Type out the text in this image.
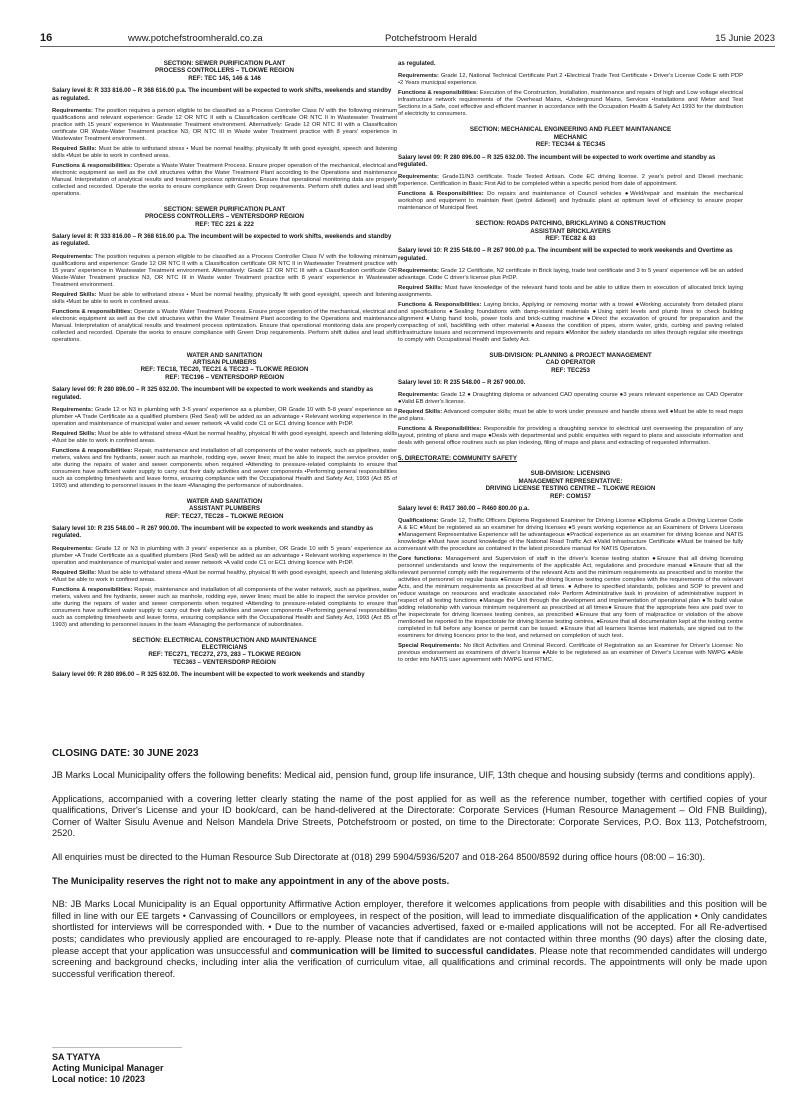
16	www.potchefstroomherald.co.za	Potchefstroom Herald	15 Junie 2023
SECTION: SEWER PURIFICATION PLANT
PROCESS CONTROLLERS – TLOKWE REGION
REF: TEC 145, 146 & 146
Salary level 8: R 333 816.00 – R 368 616.00 p.a. The incumbent will be expected to work shifts, weekends and standby as regulated.
Requirements: The position requires a person eligible to be classified as a Process Controller Class IV with the following minimum qualifications and relevant experience: Grade 12 OR NTC II with a Classification certificate OR NTC II in Wastewater Treatment practice with 15 years' experience in Wastewater Treatment environment. Alternatively: Grade 12 OR NTC III with a Classification certificate OR Waste-Water Treatment practice N3, OR NTC III in Waste water Treatment practice with 8 years' experience in Wastewater Treatment environment.
Required Skills: Must be able to withstand stress • Must be normal healthy, physically fit with good eyesight, speech and listening skills •Must be able to work in confined areas.
Functions & responsibilities: Operate a Waste Water Treatment Process. Ensure proper operation of the mechanical, electrical and electronic equipment as well as the civil structures within the Water Treatment Plant according to the Operations and maintenance Manual. Interpretation of analytical results and treatment process optimization. Ensure that operational monitoring data are properly collected and recorded. Operate the works to ensure compliance with Green Drop requirements. Perform shift duties and lead shift operations.
SECTION: SEWER PURIFICATION PLANT
PROCESS CONTROLLERS – VENTERSDORP REGION
REF: TEC 221 & 222
Salary level 8: R 333 816.00 – R 368 616.00 p.a. The incumbent will be expected to work shifts, weekends and standby as regulated.
Requirements: The position requires a person eligible to be classified as a Process Controller Class IV with the following minimum qualifications and experience: Grade 12 OR NTC II with a Classification certificate OR NTC II in Wastewater Treatment practice with 15 years' experience in Wastewater Treatment environment. Alternatively: Grade 12 OR NTC III with a Classification certificate OR Waste-Water Treatment practice N3, OR NTC III in Waste water Treatment practice with 8 years' experience in Wastewater Treatment environment.
Required Skills: Must be able to withstand stress • Must be normal healthy, physically fit with good eyesight, speech and listening skills •Must be able to work in confined areas.
Functions & responsibilities: Operate a Waste Water Treatment Process. Ensure proper operation of the mechanical, electrical and electronic equipment as well as the civil structures within the Water Treatment Plant according to the Operations and maintenance Manual. Interpretation of analytical results and treatment process optimization. Ensure that operational monitoring data are properly collected and recorded. Operate the works to ensure compliance with Green Drop requirements. Perform shift duties and lead shift operations.
WATER AND SANITATION
ARTISAN PLUMBERS
REF: TEC18, TEC20, TEC21 & TEC23 – TLOKWE REGION
REF: TEC196 – VENTERSDORP REGION
Salary level 09: R 280 896.00 – R 325 632.00. The incumbent will be expected to work weekends and standby as regulated.
Requirements: Grade 12 or N3 in plumbing with 3-5 years' experience as a plumber, OR Grade 10 with 5-8 years' experience as a plumber •A Trade Certificate as a qualified plumbers (Red Seal) will be added as an advantage • Relevant working experience in the operation and maintenance of municipal water and sewer network •A valid code C1 or EC1 driving licence with PrDP.
Required Skills: Must be able to withstand stress •Must be normal healthy, physical fit with good eyesight, speech and listening skills •Must be able to work in confined areas.
Functions & responsibilities: Repair, maintenance and installation of all components of the water network, such as pipelines, water meters, valves and fire hydrants, sewer such as manhole, rodding eye, sewer lines; must be able to inspect the service provider on site during the repairs of water and sewer components when required •Attending to pressure-related complaints to ensure that consumers have sufficient water supply to carry out their daily activities and sewer components •Performing general responsibilities such as completing timesheets and leave forms, ensuring compliance with the Occupational Health and Safety Act, 1993 (Act 85 of 1993) and attending to personnel issues in the team •Managing the performance of subordinates.
WATER AND SANITATION
ASSISTANT PLUMBERS
REF: TEC27, TEC28 – TLOKWE REGION
Salary level 10: R 235 548.00 – R 267 900.00. The incumbent will be expected to work weekends and standby as regulated.
Requirements: Grade 12 or N3 in plumbing with 3 years' experience as a plumber, OR Grade 10 with 5 years' experience as a plumber •A Trade Certificate as a qualified plumbers (Red Seal) will be added as an advantage • Relevant working experience in the operation and maintenance of municipal water and sewer network •A valid code C1 or EC1 driving licence with PrDP.
Required Skills: Must be able to withstand stress •Must be normal healthy, physical fit with good eyesight, speech and listening skills •Must be able to work in confined areas.
Functions & responsibilities: Repair, maintenance and installation of all components of the water network, such as pipelines, water meters, valves and fire hydrants, sewer such as manhole, rodding eye, sewer lines; must be able to inspect the service provider on site during the repairs of water and sewer components when required •Attending to pressure-related complaints to ensure that consumers have sufficient water supply to carry out their daily activities and sewer components •Performing general responsibilities such as completing timesheets and leave forms, ensuring compliance with the Occupational Health and Safety Act, 1993 (Act 85 of 1993) and attending to personnel issues in the team •Managing the performance of subordinates.
SECTION: ELECTRICAL CONSTRUCTION AND MAINTENANCE
ELECTRICIANS
REF: TEC271, TEC272, 273, 283 – TLOKWE REGION
TEC363 – VENTERSDORP REGION
Salary level 09: R 280 896.00 – R 325 632.00. The incumbent will be expected to work weekends and standby
as regulated.
Requirements: Grade 12, National Technical Certificate Part 2 •Electrical Trade Test Certificate • Driver's License Code E with PDP •2 Years municipal experience.
Functions & responsibilities: Execution of the Construction, Installation, maintenance and repairs of high and Low voltage electrical infrastructure network requirements of the Overhead Mains, •Underground Mains, Services •Installations and Meter and Test Sections in a Safe, cost effective and efficient manner in accordance with the Occupation Health & Safety Act 1993 for the distribution of electricity to consumers.
SECTION: MECHANICAL ENGINEERING AND FLEET MAINTANANCE
MECHANIC
REF: TEC344 & TEC345
Salary level 09: R 280 896.00 – R 325 632.00. The incumbent will be expected to work overtime and standby as regulated.
Requirements: Grade11/N3 certificate. Trade Tested Artisan. Code EC driving license. 2 year's petrol and Diesel mechanic experience. Certification in Basic First Aid to be completed within a specific period from date of appointment.
Functions & Responsibilities: Do repairs and maintenance of Council vehicles ●Weld/repair and maintain the mechanical workshop and equipment to maintain fleet (petrol &diesel) and hydraulic plant at optimum level of efficiency to ensure proper maintenance of Municipal fleet.
SECTION: ROADS PATCHING, BRICKLAYING & CONSTRUCTION
ASSISTANT BRICKLAYERS
REF: TEC82 & 83
Salary level 10: R 235 548.00 – R 267 900.00 p.a. The incumbent will be expected to work weekends and Overtime as regulated.
Requirements: Grade 12 Certificate, N2 certificate in Brick laying, trade test certificate and 3 to 5 years' experience will be an added advantage. Code C driver's license plus PrDP.
Required Skills: Must have knowledge of the relevant hand tools and be able to utilize them in execution of allocated brick laying assignments.
Functions & Responsibilities: Laying bricks, Applying or removing mortar with a trowel ●Working accurately from detailed plans and specifications ●Sealing foundations with damp-resistant materials ●Using spirit levels and plumb lines to check building alignment ●Using hand tools, power tools and brick-cutting machine ●Direct the excavation of ground for preparation and the compacting of soil, backfilling with other material ●Assess the condition of pipes, storm water, grids, curbing and paving related infrastructure issues and recommend improvements and repairs ●Monitor the safety standards on sites through regular site meetings to comply with Occupational Health and Safety Act.
SUB-DIVISION: PLANNING & PROJECT MANAGEMENT
CAD OPERATOR
REF: TEC253
Salary level 10: R 235 548.00 – R 267 900.00.
Requirements: Grade 12 ● Draughting diploma or advanced CAD operating course ●3 years relevant experience as CAD Operator ●Valid EB driver's license.
Required Skills: Advanced computer skills; must be able to work under pressure and handle stress well ●Must be able to read maps and plans.
Functions & Responsibilities: Responsible for providing a draughting service to electrical unit overseeing the preparation of any layout, printing of plans and maps ●Deals with departmental and public enquiries with regard to plans and associate information and deals with general office routines such as plan indexing, filing of maps and plans and extracting of requested information.
5. DIRECTORATE: COMMUNITY SAFETY
SUB-DIVISION: LICENSING
MANAGEMENT REPRESENTATIVE:
DRIVING LICENSE TESTING CENTRE – TLOKWE REGION
REF: COM157
Salary level 6: R417 360.00 – R460 800.00 p.a.
Qualifications: Grade 12, Traffic Officers Diploma Registered Examiner for Driving License ●Diploma Grade a Driving License Code A & EC ●Must be registered as an examiner for driving licenses ●5 years working experience as an Examiners of Drivers Licenses ●Management Representative Experience will be advantageous ●Practical experience as an examiner for driving license and NATIS knowledge ●Must have sound knowledge of the National Road Traffic Act ●Valid Infrastructure Certificate ●Must be trained be fully conversant with the procedure as contained in the latest procedure manual for NATIS Operators.
Core functions: Management and Supervision of staff in the driver's license testing station ●Ensure that all driving licensing personnel understands and know the requirements of the applicable Act, regulations and procedure manual ●Ensure that all the relevant personnel comply with the requirements of the relevant Acts and the minimum requirements as prescribed and to monitor the activities of personnel on regular basis ●Ensure that the driving license testing centre complies with the requirements of the relevant Acts, and the minimum requirements as prescribed at all times. ● Adhere to specified standards, policies and SOP to prevent and reduce wastage on resources and eradicate associated risk• Perform Administrative task in provision of administrative support in respect of all testing functions ●Manage the Unit through the development and implementation of operational plan ●To build value adding relationship with various minimum requirement as prescribed at all times● Ensure that the appropriate fees are paid over to the inspectorate for driving licenses testing centres, as prescribed ●Ensure that any form of malpractice or violation of the above mentioned be reported to the inspectorate for driving license testing centres, ●Ensure that all documentation kept at the testing centre completed in full before any licence or permit can be issued. ●Ensure that all learners license test materials, are signed out to the examiners for driving licences prior to the test, and returned on completion of such test.
Special Requirements: No illicit Activities and Criminal Record. Certificate of Registration as an Examiner for Driver's License: No previous endorsement as examiners of driver's license ●Able to be registered as an examiner of Driver's License with NWPG ●Able to order into NATIS user agreement with NWPG and RTMC.
CLOSING DATE: 30 JUNE 2023

JB Marks Local Municipality offers the following benefits: Medical aid, pension fund, group life insurance, UIF, 13th cheque and housing subsidy (terms and conditions apply).

Applications, accompanied with a covering letter clearly stating the name of the post applied for as well as the reference number, together with certified copies of your qualifications, Driver's License and your ID book/card, can be hand-delivered at the Directorate: Corporate Services (Human Resource Management – Old FNB Building), Corner of Walter Sisulu Avenue and Nelson Mandela Drive Streets, Potchefstroom or posted, on time to the Directorate: Corporate Services, P.O. Box 113, Potchefstroom, 2520.

All enquiries must be directed to the Human Resource Sub Directorate at (018) 299 5904/5936/5207 and 018-264 8500/8592 during office hours (08:00 – 16:30).

The Municipality reserves the right not to make any appointment in any of the above posts.

NB: JB Marks Local Municipality is an Equal opportunity Affirmative Action employer, therefore it welcomes applications from people with disabilities and this position will be filled in line with our EE targets • Canvassing of Councillors or employees, in respect of the position, will lead to immediate disqualification of the application • Only candidates shortlisted for interviews will be corresponded with. • Due to the number of vacancies advertised, faxed or e-mailed applications will not be accepted. For all Re-advertised posts; candidates who previously applied are encouraged to re-apply. Please note that if candidates are not contacted within three months (90 days) after the closing date, please accept that your application was unsuccessful and communication will be limited to successful candidates. Please note that recommended candidates will undergo screening and background checks, including inter alia the verification of curriculum vitae, all qualifications and criminal records. The appointments will only be made upon successful verification thereof.

SA TYATYA
Acting Municipal Manager
Local notice: 10 /2023
